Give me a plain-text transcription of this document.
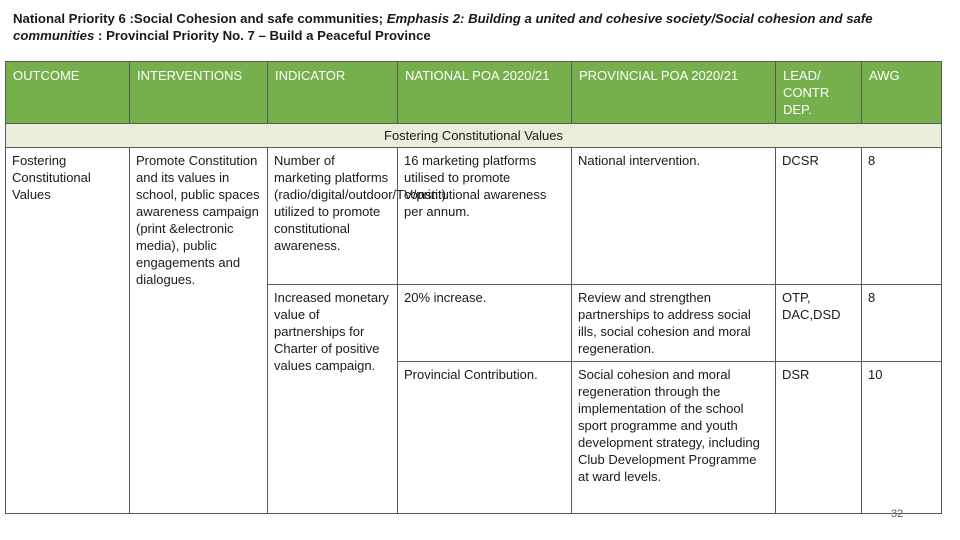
National Priority 6 :Social Cohesion and safe communities; Emphasis 2: Building a united and cohesive society/Social cohesion and safe communities : Provincial Priority No. 7 – Build a Peaceful Province
OUTCOME	INTERVENTIONS	INDICATOR	NATIONAL POA 2020/21	PROVINCIAL POA 2020/21	LEAD/ CONTR DEP.	AWG
Fostering Constitutional Values						
Fostering Constitutional Values	Promote Constitution and its values in school, public spaces awareness campaign (print &electronic media), public engagements and dialogues.	Number of marketing platforms (radio/digital/outdoor/TV/print) utilized to promote constitutional awareness.	16 marketing platforms utilised to promote constitutional awareness per annum.	National intervention.	DCSR	8
		Increased monetary value of partnerships for Charter of positive values campaign.	20% increase.	Review and strengthen partnerships to address social ills, social cohesion and moral regeneration.	OTP, DAC,DSD	8
			Provincial Contribution.	Social cohesion and moral regeneration through the implementation of the school sport programme and youth development strategy, including Club Development Programme at ward levels.	DSR	10
32
